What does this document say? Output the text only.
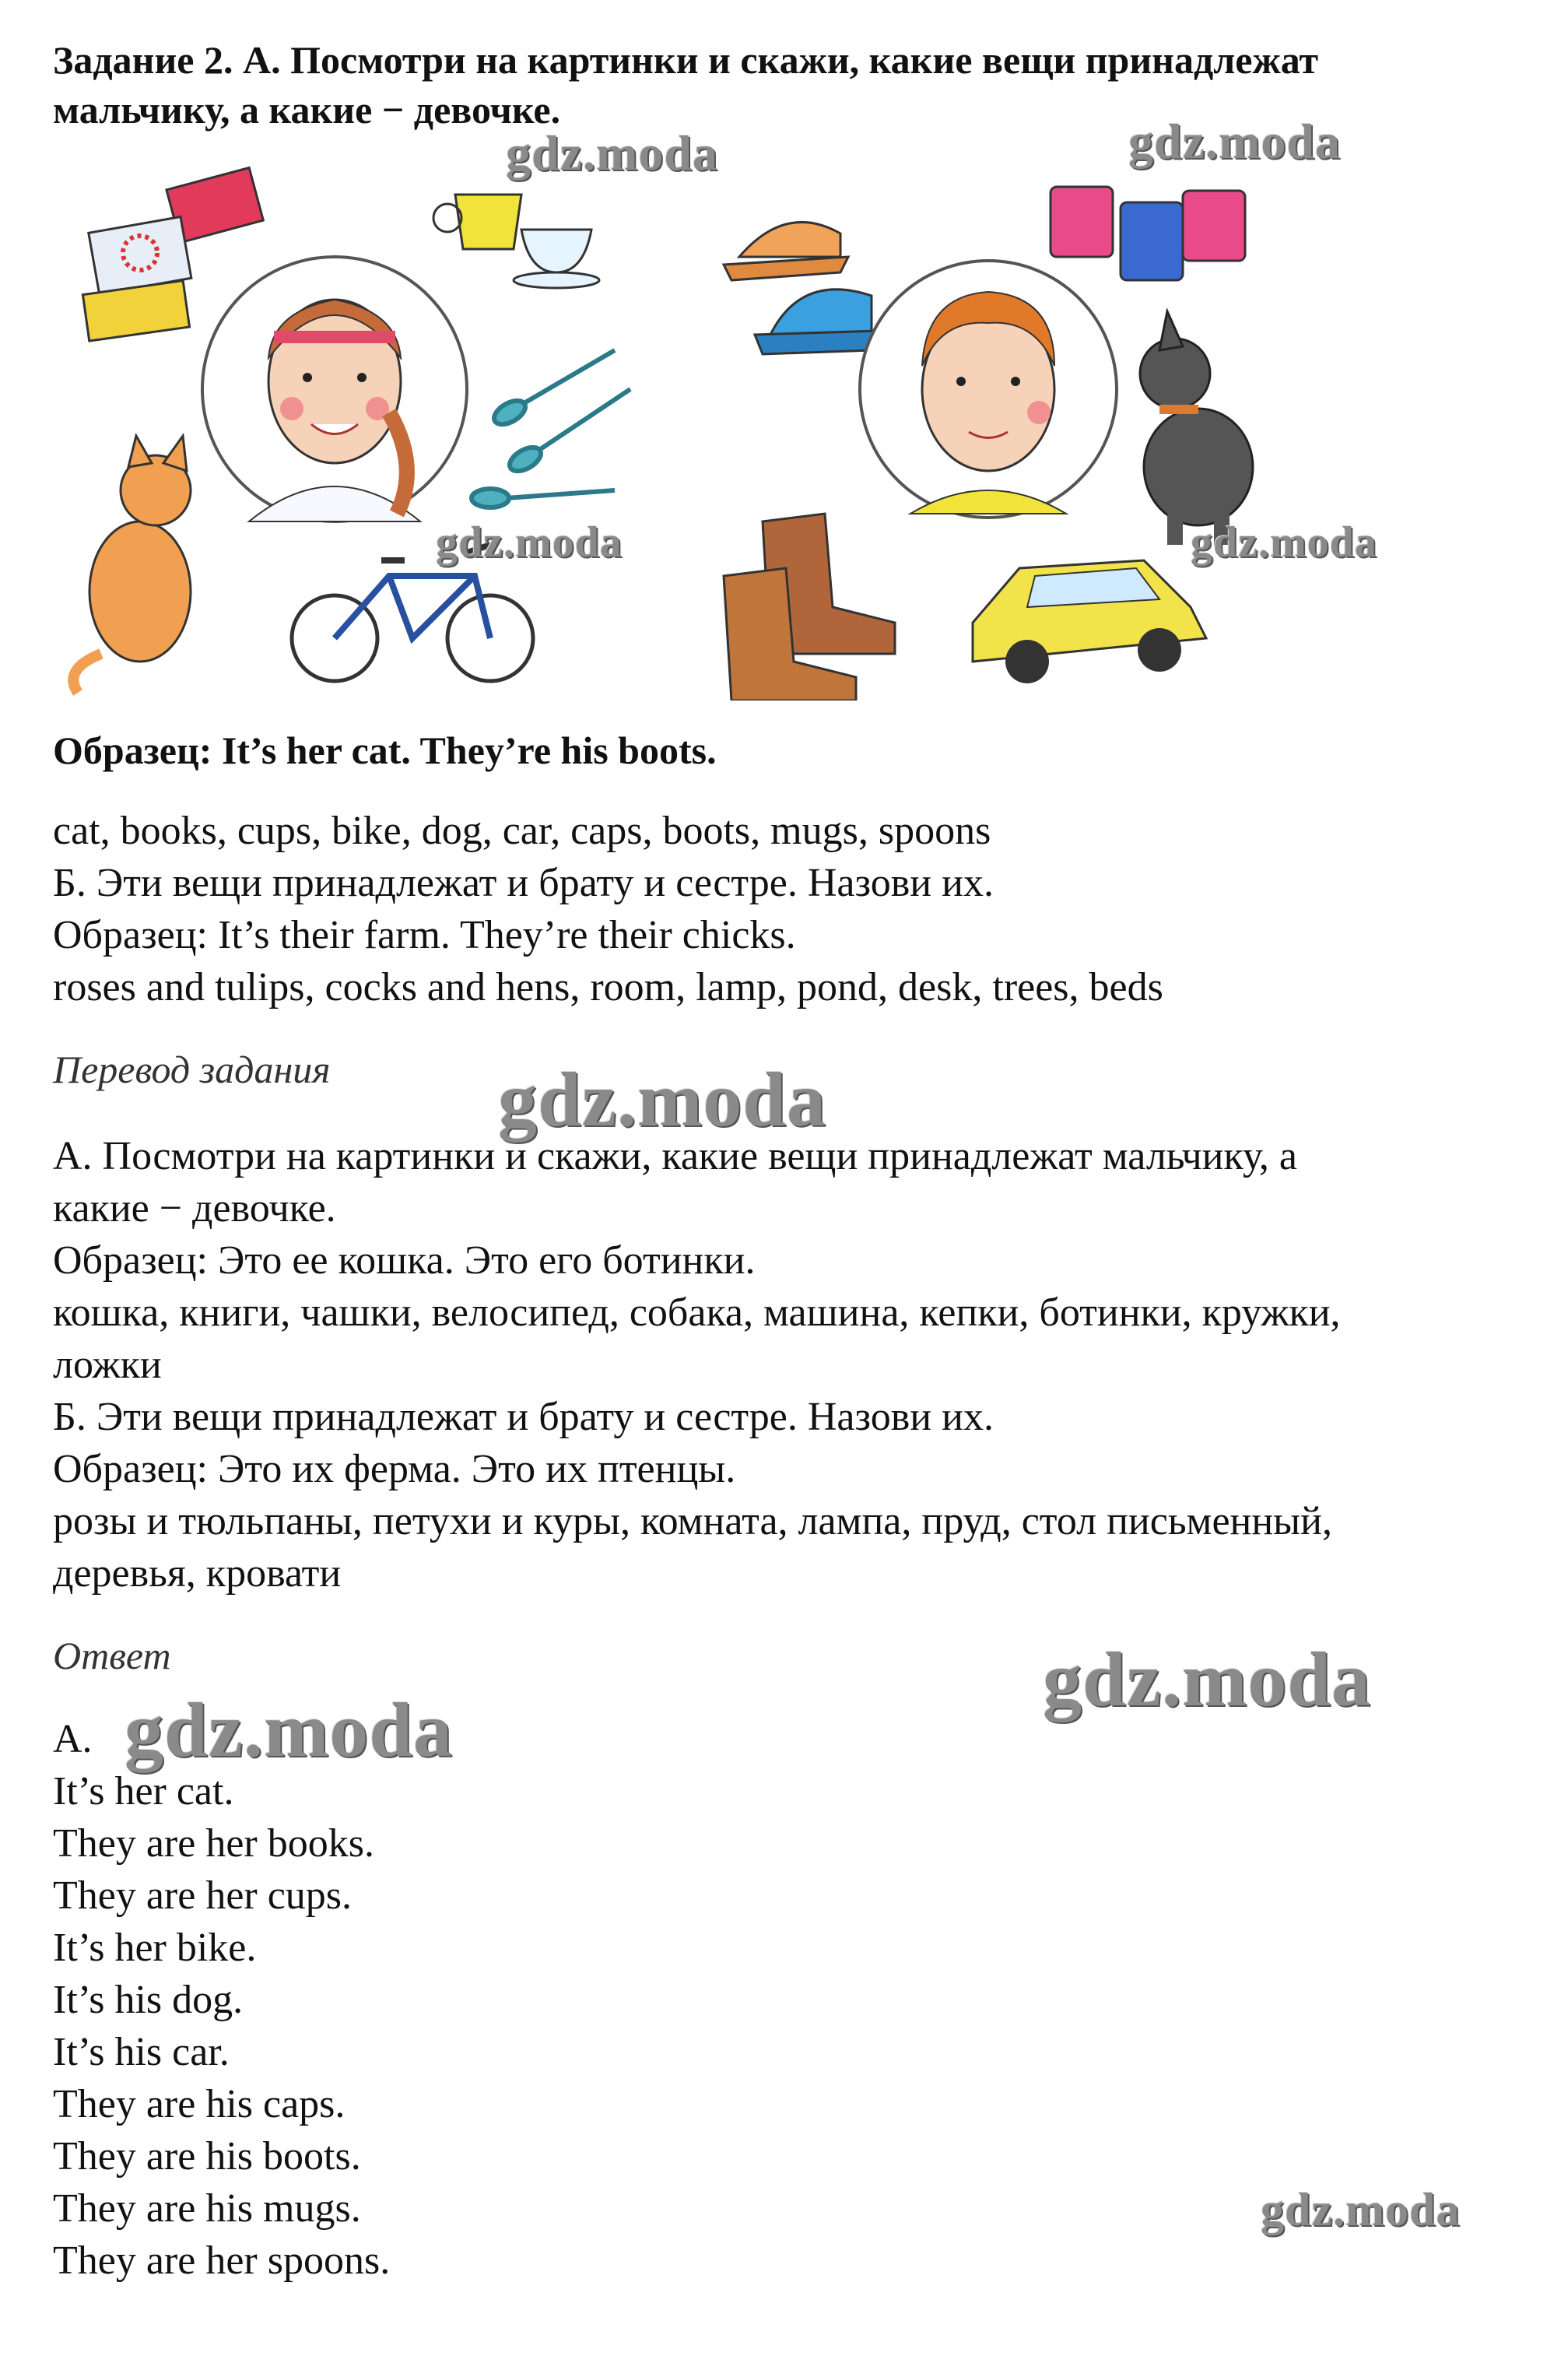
Задание 2. А. Посмотри на картинки и скажи, какие вещи принадлежат
мальчику, а какие − девочке.
Образец: It’s her cat. They’re his boots.
cat, books, cups, bike, dog, car, caps, boots, mugs, spoons
Б. Эти вещи принадлежат и брату и сестре. Назови их.
Образец: It’s their farm. They’re their chicks.
roses and tulips, cocks and hens, room, lamp, pond, desk, trees, beds
Перевод задания
А. Посмотри на картинки и скажи, какие вещи принадлежат мальчику, а
какие − девочке.
Образец: Это ее кошка. Это его ботинки.
кошка, книги, чашки, велосипед, собака, машина, кепки, ботинки, кружки,
ложки
Б. Эти вещи принадлежат и брату и сестре. Назови их.
Образец: Это их ферма. Это их птенцы.
розы и тюльпаны, петухи и куры, комната, лампа, пруд, стол письменный,
деревья, кровати
Ответ
А.
It’s her cat.
They are her books.
They are her cups.
It’s her bike.
It’s his dog.
It’s his car.
They are his caps.
They are his boots.
They are his mugs.
They are her spoons.
gdz.moda	gdz.moda
gdz.moda	gdz.moda
gdz.moda
gdz.moda
gdz.moda
gdz.moda
